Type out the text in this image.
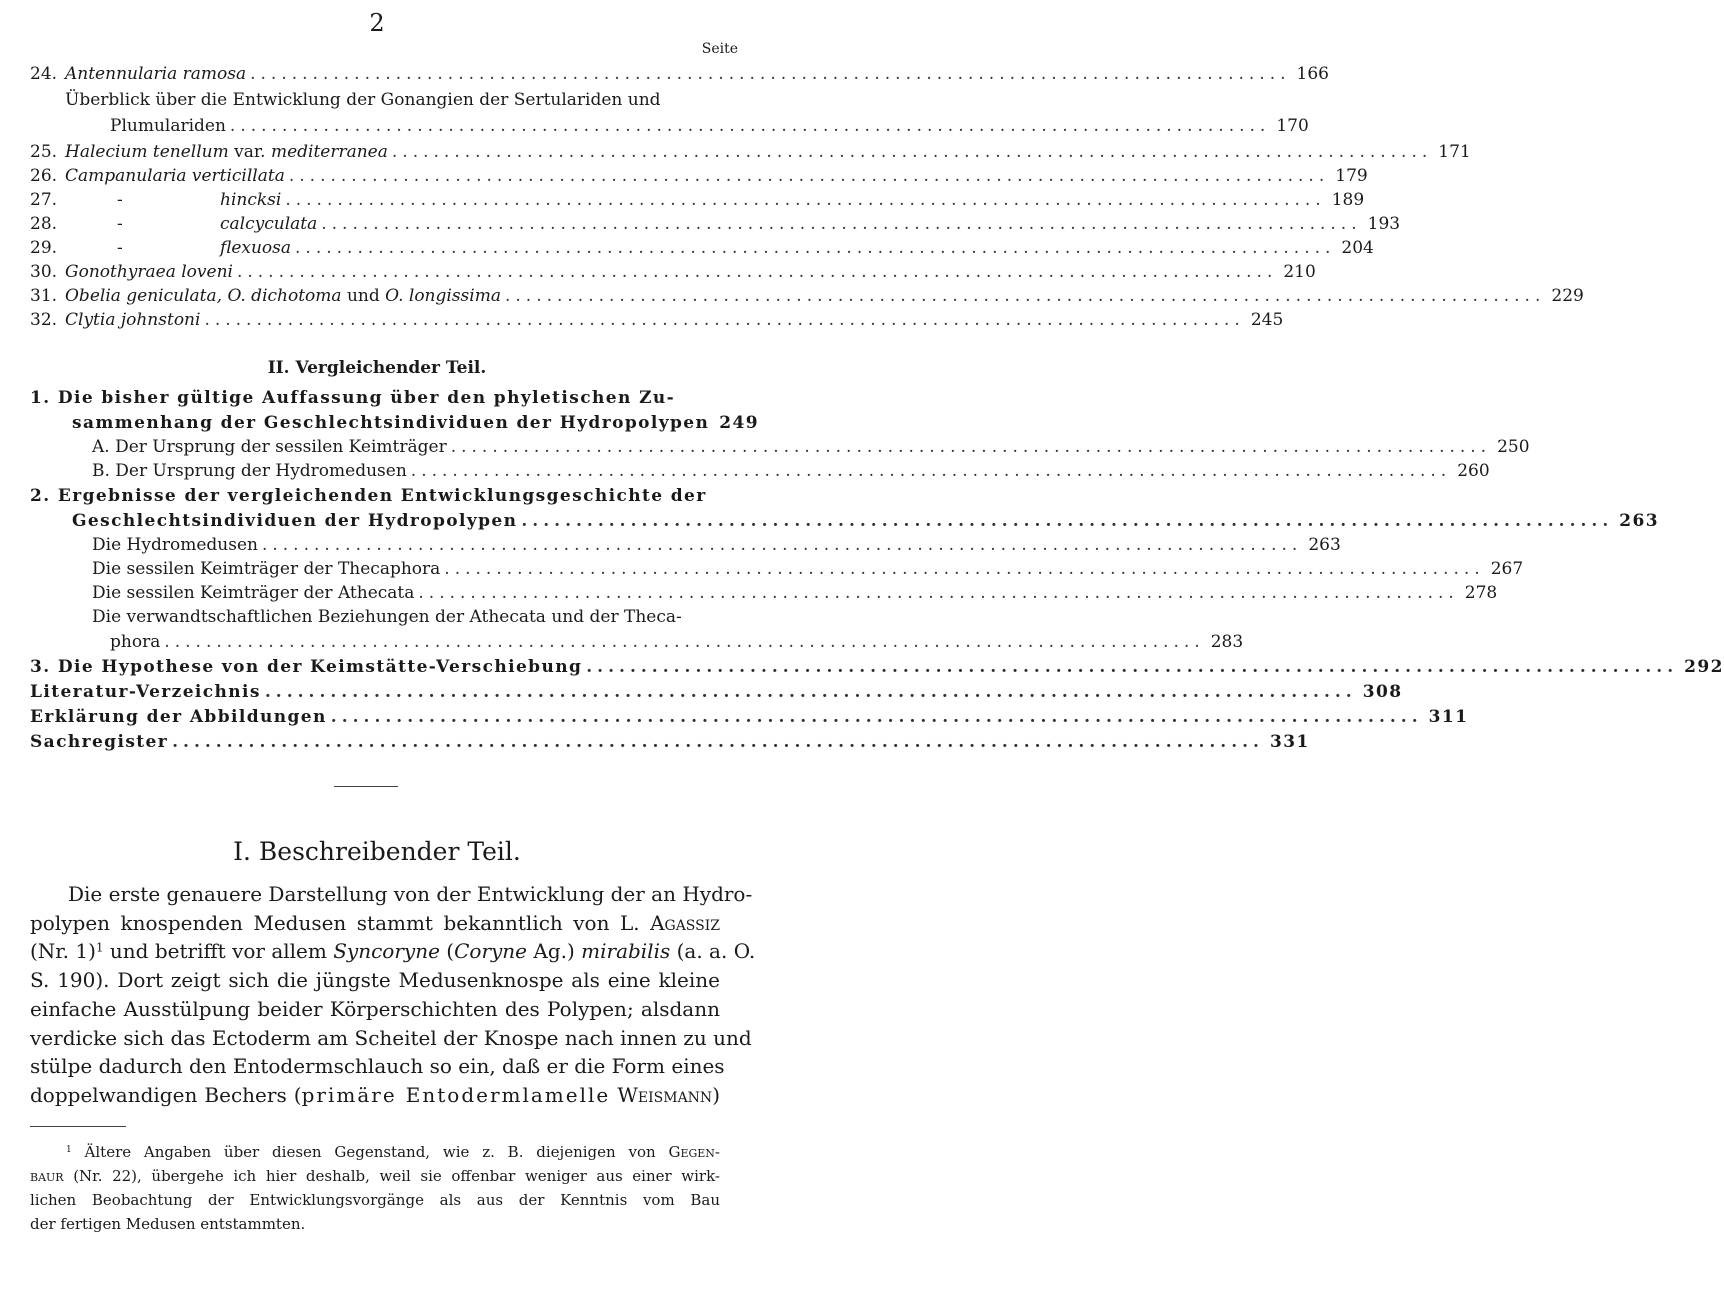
2
Seite
24. Antennularia ramosa .................................................................................................... 166
Überblick über die Entwicklung der Gonangien der Sertulariden und
Plumulariden .................................................................................................... 170
25. Halecium tenellum var. mediterranea .................................................................................................... 171
26. Campanularia verticillata .................................................................................................... 179
27.	-	hincksi .................................................................................................... 189
28.	-	calcyculata .................................................................................................... 193
29.	-	flexuosa .................................................................................................... 204
30. Gonothyraea loveni .................................................................................................... 210
31. Obelia geniculata, O. dichotoma und O. longissima .................................................................................................... 229
32. Clytia johnstoni .................................................................................................... 245
II. Vergleichender Teil.
1. Die bisher gültige Auffassung über den phyletischen Zu-
sammenhang der Geschlechtsindividuen der Hydropolypen 249
A. Der Ursprung der sessilen Keimträger .................................................................................................... 250
B. Der Ursprung der Hydromedusen .................................................................................................... 260
2. Ergebnisse der vergleichenden Entwicklungsgeschichte der
Geschlechtsindividuen der Hydropolypen .................................................................................................... 263
Die Hydromedusen .................................................................................................... 263
Die sessilen Keimträger der Thecaphora .................................................................................................... 267
Die sessilen Keimträger der Athecata .................................................................................................... 278
Die verwandtschaftlichen Beziehungen der Athecata und der Theca-
phora .................................................................................................... 283
3. Die Hypothese von der Keimstätte-Verschiebung .................................................................................................... 292
Literatur-Verzeichnis .................................................................................................... 308
Erklärung der Abbildungen .................................................................................................... 311
Sachregister .................................................................................................... 331
I. Beschreibender Teil.
Die erste genauere Darstellung von der Entwicklung der an Hydro-
polypen knospenden Medusen stammt bekanntlich von L. Agassiz
(Nr. 1)$^1$ und betrifft vor allem Syncoryne (Coryne Ag.) mirabilis (a. a. O.
S. 190). Dort zeigt sich die jüngste Medusenknospe als eine kleine
einfache Ausstülpung beider Körperschichten des Polypen; alsdann
verdicke sich das Ectoderm am Scheitel der Knospe nach innen zu und
stülpe dadurch den Entodermschlauch so ein, daß er die Form eines
doppelwandigen Bechers (primäre Entodermlamelle Weismann)
$^1$ Ältere Angaben über diesen Gegenstand, wie z. B. diejenigen von Gegen-
baur (Nr. 22), übergehe ich hier deshalb, weil sie offenbar weniger aus einer wirk-
lichen Beobachtung der Entwicklungsvorgänge als aus der Kenntnis vom Bau
der fertigen Medusen entstammten.
